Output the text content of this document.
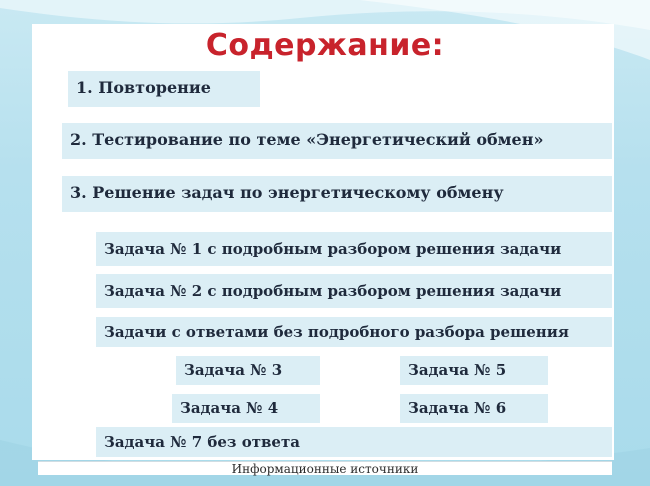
Содержание:
1. Повторение
2. Тестирование по теме «Энергетический обмен»
3. Решение задач по энергетическому обмену
Задача № 1 с подробным разбором решения задачи
Задача № 2 с подробным разбором решения задачи
Задачи с ответами без подробного разбора решения
Задача № 3	Задача № 5
Задача № 4	Задача № 6
Задача № 7 без ответа
Информационные источники
